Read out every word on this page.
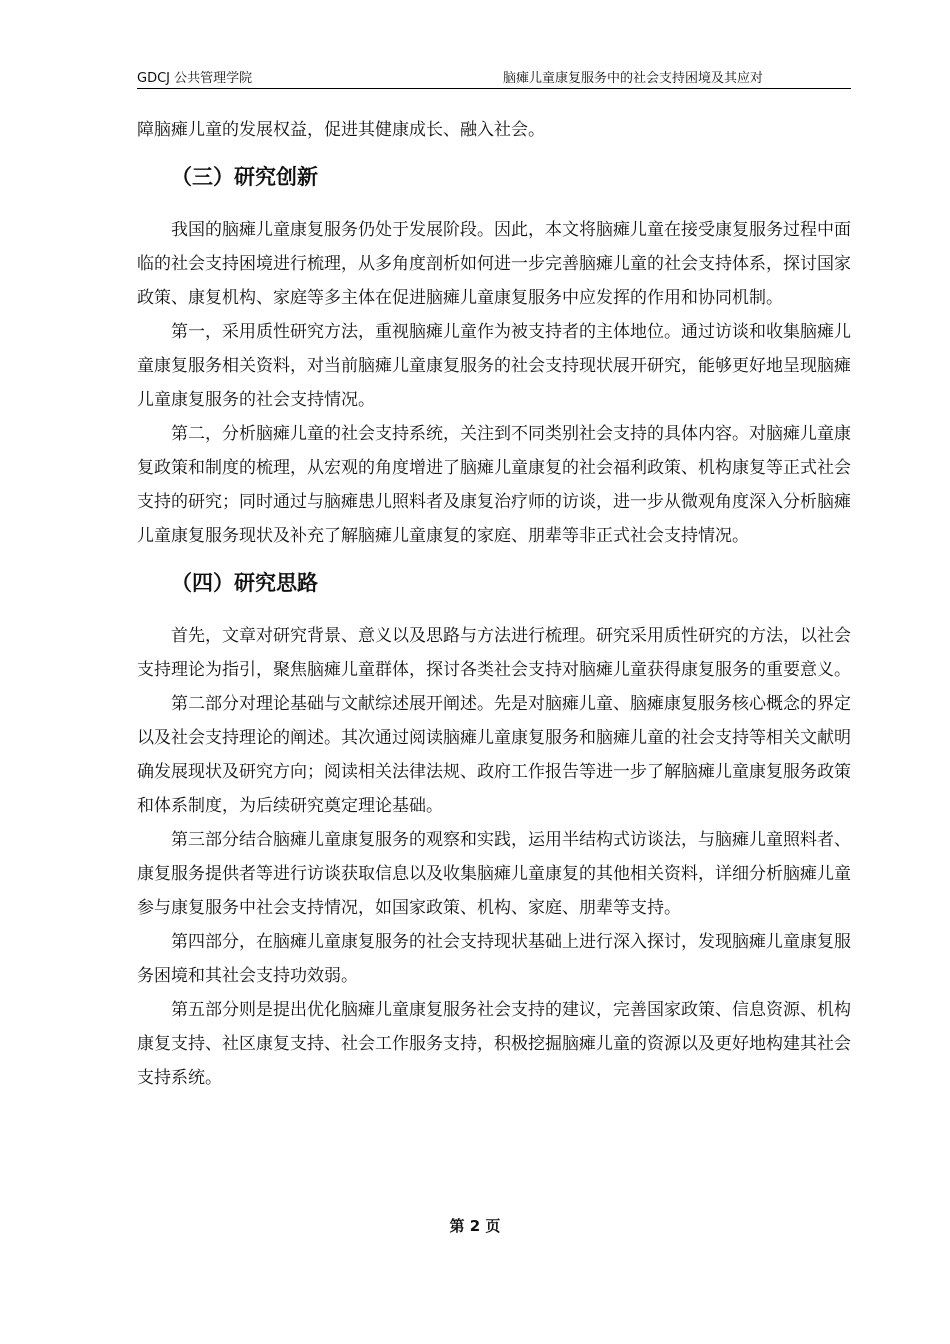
GDCJ 公共管理学院	脑瘫儿童康复服务中的社会支持困境及其应对

障脑瘫儿童的发展权益，促进其健康成长、融入社会。

（三）研究创新

我国的脑瘫儿童康复服务仍处于发展阶段。因此，本文将脑瘫儿童在接受康复服务过程中面临的社会支持困境进行梳理，从多角度剖析如何进一步完善脑瘫儿童的社会支持体系，探讨国家政策、康复机构、家庭等多主体在促进脑瘫儿童康复服务中应发挥的作用和协同机制。

第一，采用质性研究方法，重视脑瘫儿童作为被支持者的主体地位。通过访谈和收集脑瘫儿童康复服务相关资料，对当前脑瘫儿童康复服务的社会支持现状展开研究，能够更好地呈现脑瘫儿童康复服务的社会支持情况。

第二，分析脑瘫儿童的社会支持系统，关注到不同类别社会支持的具体内容。对脑瘫儿童康复政策和制度的梳理，从宏观的角度增进了脑瘫儿童康复的社会福利政策、机构康复等正式社会支持的研究；同时通过与脑瘫患儿照料者及康复治疗师的访谈，进一步从微观角度深入分析脑瘫儿童康复服务现状及补充了解脑瘫儿童康复的家庭、朋辈等非正式社会支持情况。

（四）研究思路

首先，文章对研究背景、意义以及思路与方法进行梳理。研究采用质性研究的方法，以社会支持理论为指引，聚焦脑瘫儿童群体，探讨各类社会支持对脑瘫儿童获得康复服务的重要意义。

第二部分对理论基础与文献综述展开阐述。先是对脑瘫儿童、脑瘫康复服务核心概念的界定以及社会支持理论的阐述。其次通过阅读脑瘫儿童康复服务和脑瘫儿童的社会支持等相关文献明确发展现状及研究方向；阅读相关法律法规、政府工作报告等进一步了解脑瘫儿童康复服务政策和体系制度，为后续研究奠定理论基础。

第三部分结合脑瘫儿童康复服务的观察和实践，运用半结构式访谈法，与脑瘫儿童照料者、康复服务提供者等进行访谈获取信息以及收集脑瘫儿童康复的其他相关资料，详细分析脑瘫儿童参与康复服务中社会支持情况，如国家政策、机构、家庭、朋辈等支持。

第四部分，在脑瘫儿童康复服务的社会支持现状基础上进行深入探讨，发现脑瘫儿童康复服务困境和其社会支持功效弱。

第五部分则是提出优化脑瘫儿童康复服务社会支持的建议，完善国家政策、信息资源、机构康复支持、社区康复支持、社会工作服务支持，积极挖掘脑瘫儿童的资源以及更好地构建其社会支持系统。

第 2 页
